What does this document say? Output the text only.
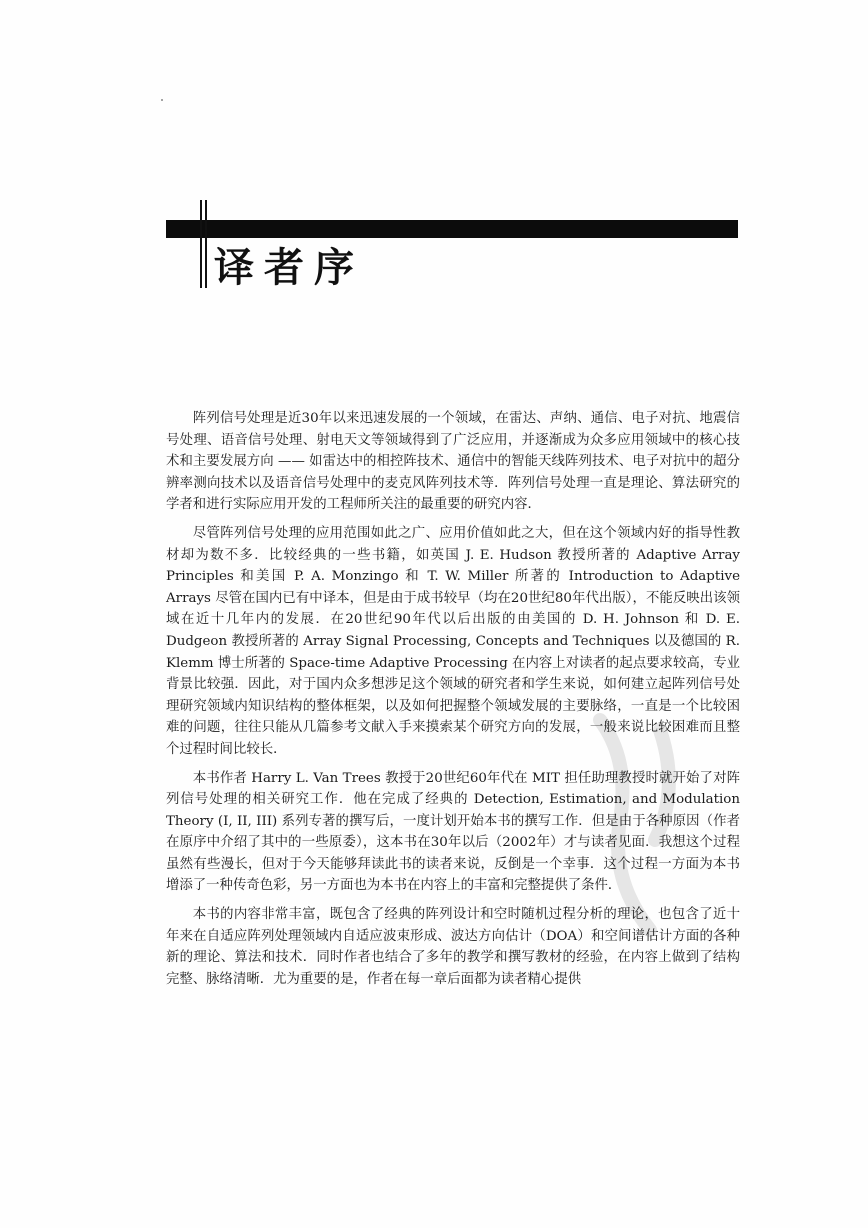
译者序

阵列信号处理是近30年以来迅速发展的一个领域，在雷达、声纳、通信、电子对抗、地震信号处理、语音信号处理、射电天文等领域得到了广泛应用，并逐渐成为众多应用领域中的核心技术和主要发展方向 —— 如雷达中的相控阵技术、通信中的智能天线阵列技术、电子对抗中的超分辨率测向技术以及语音信号处理中的麦克风阵列技术等．阵列信号处理一直是理论、算法研究的学者和进行实际应用开发的工程师所关注的最重要的研究内容．

尽管阵列信号处理的应用范围如此之广、应用价值如此之大，但在这个领域内好的指导性教材却为数不多．比较经典的一些书籍，如英国 J. E. Hudson 教授所著的 Adaptive Array Principles 和美国 P. A. Monzingo 和 T. W. Miller 所著的 Introduction to Adaptive Arrays 尽管在国内已有中译本，但是由于成书较早（均在20世纪80年代出版），不能反映出该领域在近十几年内的发展．在20世纪90年代以后出版的由美国的 D. H. Johnson 和 D. E. Dudgeon 教授所著的 Array Signal Processing, Concepts and Techniques 以及德国的 R. Klemm 博士所著的 Space-time Adaptive Processing 在内容上对读者的起点要求较高，专业背景比较强．因此，对于国内众多想涉足这个领域的研究者和学生来说，如何建立起阵列信号处理研究领域内知识结构的整体框架，以及如何把握整个领域发展的主要脉络，一直是一个比较困难的问题，往往只能从几篇参考文献入手来摸索某个研究方向的发展，一般来说比较困难而且整个过程时间比较长．

本书作者 Harry L. Van Trees 教授于20世纪60年代在 MIT 担任助理教授时就开始了对阵列信号处理的相关研究工作．他在完成了经典的 Detection, Estimation, and Modulation Theory (I, II, III) 系列专著的撰写后，一度计划开始本书的撰写工作．但是由于各种原因（作者在原序中介绍了其中的一些原委），这本书在30年以后（2002年）才与读者见面．我想这个过程虽然有些漫长，但对于今天能够拜读此书的读者来说，反倒是一个幸事．这个过程一方面为本书增添了一种传奇色彩，另一方面也为本书在内容上的丰富和完整提供了条件．

本书的内容非常丰富，既包含了经典的阵列设计和空时随机过程分析的理论，也包含了近十年来在自适应阵列处理领域内自适应波束形成、波达方向估计（DOA）和空间谱估计方面的各种新的理论、算法和技术．同时作者也结合了多年的教学和撰写教材的经验，在内容上做到了结构完整、脉络清晰．尤为重要的是，作者在每一章后面都为读者精心提供
